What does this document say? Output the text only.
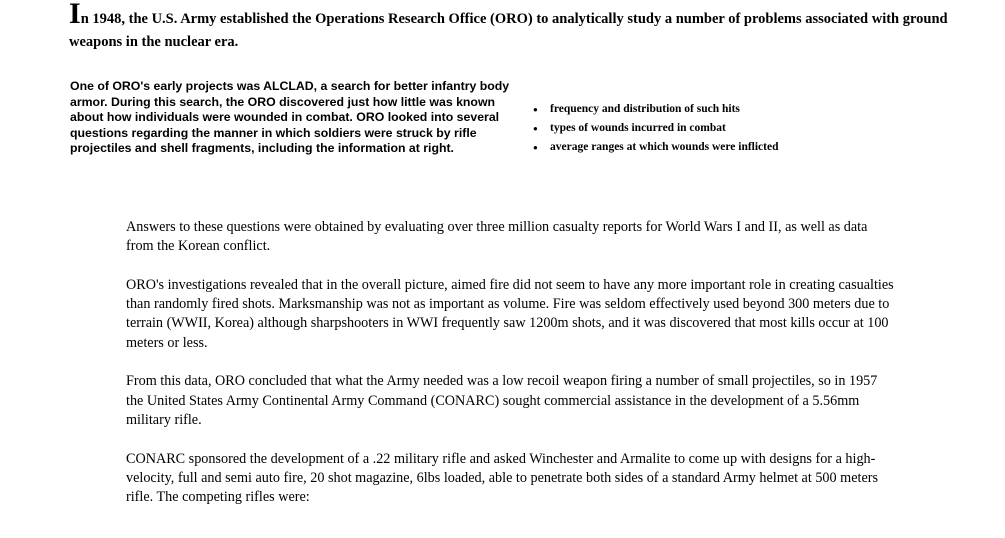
In 1948, the U.S. Army established the Operations Research Office (ORO) to analytically study a number of problems associated with ground weapons in the nuclear era.

One of ORO's early projects was ALCLAD, a search for better infantry body armor. During this search, the ORO discovered just how little was known about how individuals were wounded in combat. ORO looked into several questions regarding the manner in which soldiers were struck by rifle projectiles and shell fragments, including the information at right.

● frequency and distribution of such hits
● types of wounds incurred in combat
● average ranges at which wounds were inflicted

Answers to these questions were obtained by evaluating over three million casualty reports for World Wars I and II, as well as data from the Korean conflict.

ORO's investigations revealed that in the overall picture, aimed fire did not seem to have any more important role in creating casualties than randomly fired shots. Marksmanship was not as important as volume. Fire was seldom effectively used beyond 300 meters due to terrain (WWII, Korea) although sharpshooters in WWI frequently saw 1200m shots, and it was discovered that most kills occur at 100 meters or less.

From this data, ORO concluded that what the Army needed was a low recoil weapon firing a number of small projectiles, so in 1957 the United States Army Continental Army Command (CONARC) sought commercial assistance in the development of a 5.56mm military rifle.

CONARC sponsored the development of a .22 military rifle and asked Winchester and Armalite to come up with designs for a high-velocity, full and semi auto fire, 20 shot magazine, 6lbs loaded, able to penetrate both sides of a standard Army helmet at 500 meters rifle. The competing rifles were:
